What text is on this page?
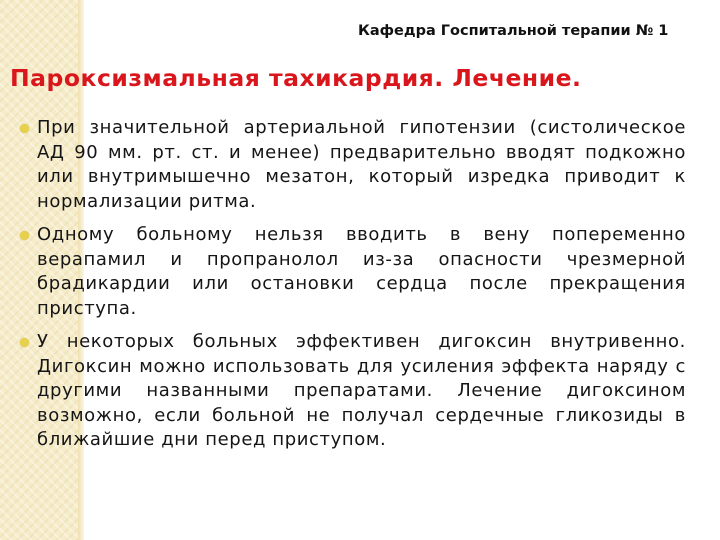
Кафедра Госпитальной терапии № 1
Пароксизмальная тахикардия. Лечение.
При значительной артериальной гипотензии (систолическое АД 90 мм. рт. ст. и менее) предварительно вводят подкожно или внутримышечно мезатон, который изредка приводит к нормализации ритма.
Одному больному нельзя вводить в вену попеременно верапамил и пропранолол из-за опасности чрезмерной брадикардии или остановки сердца после прекращения приступа.
У некоторых больных эффективен дигоксин внутривенно. Дигоксин можно использовать для усиления эффекта наряду с другими названными препаратами. Лечение дигоксином возможно, если больной не получал сердечные гликозиды в ближайшие дни перед приступом.
